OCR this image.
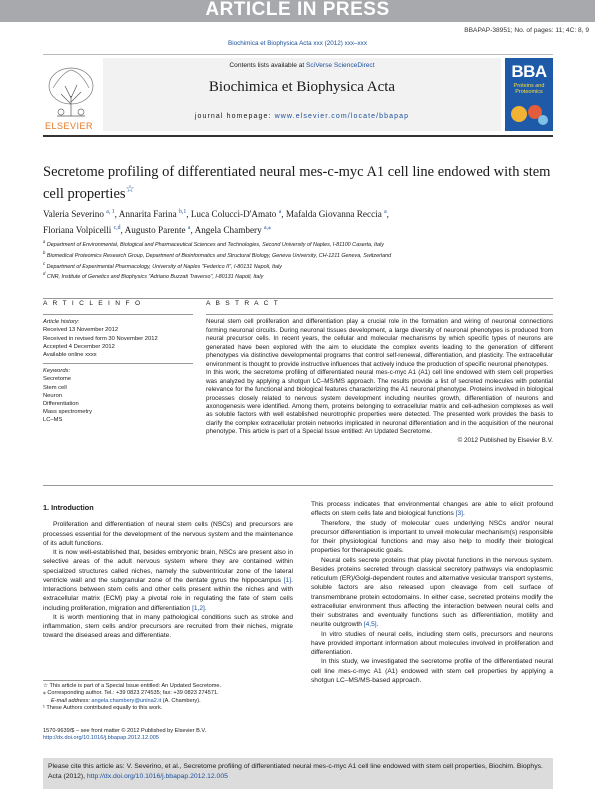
ARTICLE IN PRESS
BBAPAP-38951; No. of pages: 11; 4C: 8, 9
Biochimica et Biophysica Acta xxx (2012) xxx–xxx
ELSEVIER
Contents lists available at SciVerse ScienceDirect
Biochimica et Biophysica Acta
journal homepage: www.elsevier.com/locate/bbapap
BBA
Proteins and Proteomics
Secretome profiling of differentiated neural mes-c-myc A1 cell line endowed with stem cell properties☆
Valeria Severino $^{a, 1}$, Annarita Farina $^{b,1}$, Luca Colucci-D'Amato $^a$, Mafalda Giovanna Reccia $^a$,
Floriana Volpicelli $^{c,d}$, Augusto Parente $^a$, Angela Chambery $^{a,⁎}$
$^a$ Department of Environmental, Biological and Pharmaceutical Sciences and Technologies, Second University of Naples, I-81100 Caserta, Italy
$^b$ Biomedical Proteomics Research Group, Department of Bioinformatics and Structural Biology, Geneva University, CH-1211 Geneva, Switzerland
$^c$ Department of Experimental Pharmacology, University of Naples "Federico II", I-80131 Napoli, Italy
$^d$ CNR, Institute of Genetics and Biophysics "Adriano Buzzati Traverso", I-80131 Napoli, Italy
A R T I C L E I N F O
Article history:
Received 13 November 2012
Received in revised form 30 November 2012
Accepted 4 December 2012
Available online xxxx
Keywords:
Secretome
Stem cell
Neuron
Differentiation
Mass spectrometry
LC–MS
A B S T R A C T
Neural stem cell proliferation and differentiation play a crucial role in the formation and wiring of neuronal connections forming neuronal circuits. During neuronal tissues development, a large diversity of neuronal phenotypes is produced from neural precursor cells. In recent years, the cellular and molecular mechanisms by which specific types of neurons are generated have been explored with the aim to elucidate the complex events leading to the generation of different phenotypes via distinctive developmental programs that control self-renewal, differentiation, and plasticity. The extracellular environment is thought to provide instructive influences that actively induce the production of specific neuronal phenotypes.
In this work, the secretome profiling of differentiated neural mes-c-myc A1 (A1) cell line endowed with stem cell properties was analyzed by applying a shotgun LC–MS/MS approach. The results provide a list of secreted molecules with potential relevance for the functional and biological features characterizing the A1 neuronal phenotype. Proteins involved in biological processes closely related to nervous system development including neurites growth, differentiation of neurons and axonogenesis were identified. Among them, proteins belonging to extracellular matrix and cell-adhesion complexes as well as soluble factors with well established neurotrophic properties were detected. The presented work provides the basis to clarify the complex extracellular protein networks implicated in neuronal differentiation and in the acquisition of the neuronal phenotype. This article is part of a Special Issue entitled: An Updated Secretome.
© 2012 Published by Elsevier B.V.
1. Introduction

Proliferation and differentiation of neural stem cells (NSCs) and precursors are processes essential for the development of the nervous system and the maintenance of its adult functions.

It is now well-established that, besides embryonic brain, NSCs are present also in selective areas of the adult nervous system where they are contained within specialized structures called niches, namely the subventricular zone of the lateral ventricle wall and the subgranular zone of the dentate gyrus the hippocampus [1]. Interactions between stem cells and other cells present within the niches and with extracellular matrix (ECM) play a pivotal role in regulating the fate of stem cells including proliferation, migration and differentiation [1,2].

It is worth mentioning that in many pathological conditions such as stroke and inflammation, stem cells and/or precursors are recruited from their niches, migrate toward the diseased areas and differentiate.

This process indicates that environmental changes are able to elicit profound effects on stem cells fate and biological functions [3].

Therefore, the study of molecular cues underlying NSCs and/or neural precursor differentiation is important to unveil molecular mechanism(s) responsible for their physiological functions and may also help to modify their biological properties for therapeutic goals.

Neural cells secrete proteins that play pivotal functions in the nervous system. Besides proteins secreted through classical secretory pathways via endoplasmic reticulum (ER)/Golgi-dependent routes and alternative vesicular transport systems, soluble factors are also released upon cleavage from cell surface of transmembrane protein ectodomains. In either case, secreted proteins modify the extracellular environment thus affecting the interaction between neural cells and their substrates and eventually functions such as differentiation, motility and neurite outgrowth [4,5].

In vitro studies of neural cells, including stem cells, precursors and neurons have provided important information about molecules involved in proliferation and differentiation.

In this study, we investigated the secretome profile of the differentiated neural cell line mes-c-myc A1 (A1) endowed with stem cell properties by applying a shotgun LC–MS/MS-based approach.

☆ This article is part of a Special Issue entitled: An Updated Secretome.
⁎ Corresponding author. Tel.: +39 0823 274535; fax: +39 0823 274571.
E-mail address: angela.chambery@unina2.it (A. Chambery).
¹ These Authors contributed equally to this work.
1570-9639/$ – see front matter © 2012 Published by Elsevier B.V.
http://dx.doi.org/10.1016/j.bbapap.2012.12.005
Please cite this article as: V. Severino, et al., Secretome profiling of differentiated neural mes-c-myc A1 cell line endowed with stem cell properties, Biochim. Biophys. Acta (2012), http://dx.doi.org/10.1016/j.bbapap.2012.12.005
